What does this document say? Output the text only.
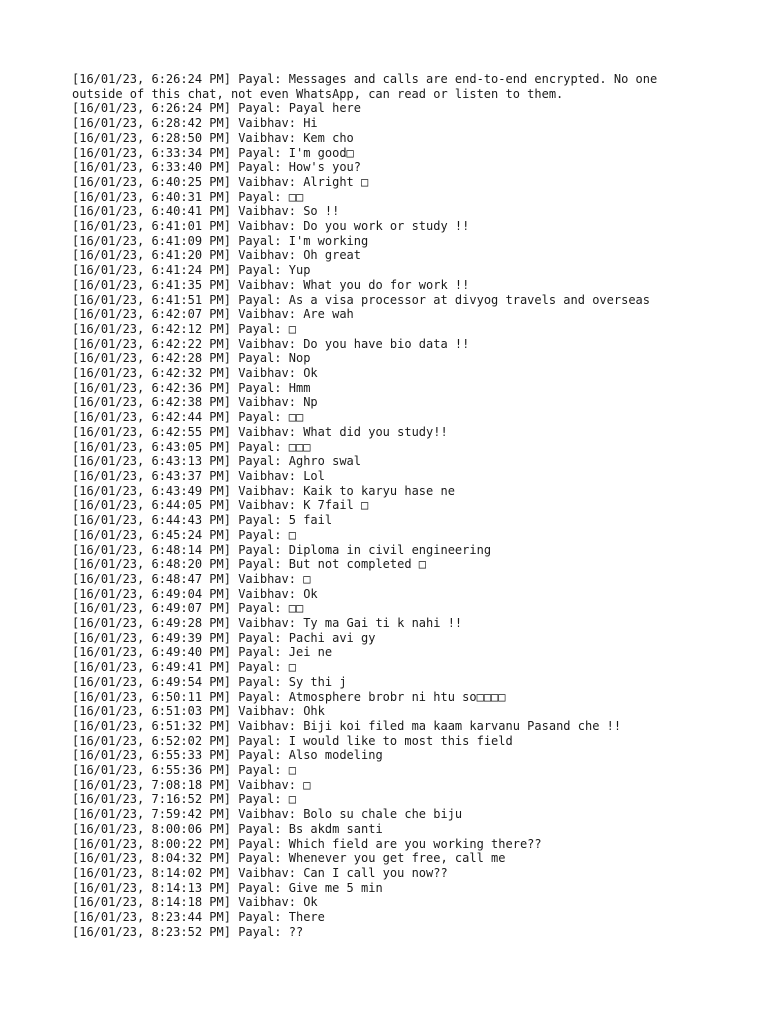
[16/01/23, 6:26:24 PM] Payal: Messages and calls are end-to-end encrypted. No one
outside of this chat, not even WhatsApp, can read or listen to them.
[16/01/23, 6:26:24 PM] Payal: Payal here
[16/01/23, 6:28:42 PM] Vaibhav: Hi
[16/01/23, 6:28:50 PM] Vaibhav: Kem cho
[16/01/23, 6:33:34 PM] Payal: I'm good□
[16/01/23, 6:33:40 PM] Payal: How's you?
[16/01/23, 6:40:25 PM] Vaibhav: Alright □
[16/01/23, 6:40:31 PM] Payal: □□
[16/01/23, 6:40:41 PM] Vaibhav: So !!
[16/01/23, 6:41:01 PM] Vaibhav: Do you work or study !!
[16/01/23, 6:41:09 PM] Payal: I'm working
[16/01/23, 6:41:20 PM] Vaibhav: Oh great
[16/01/23, 6:41:24 PM] Payal: Yup
[16/01/23, 6:41:35 PM] Vaibhav: What you do for work !!
[16/01/23, 6:41:51 PM] Payal: As a visa processor at divyog travels and overseas
[16/01/23, 6:42:07 PM] Vaibhav: Are wah
[16/01/23, 6:42:12 PM] Payal: □
[16/01/23, 6:42:22 PM] Vaibhav: Do you have bio data !!
[16/01/23, 6:42:28 PM] Payal: Nop
[16/01/23, 6:42:32 PM] Vaibhav: Ok
[16/01/23, 6:42:36 PM] Payal: Hmm
[16/01/23, 6:42:38 PM] Vaibhav: Np
[16/01/23, 6:42:44 PM] Payal: □□
[16/01/23, 6:42:55 PM] Vaibhav: What did you study!!
[16/01/23, 6:43:05 PM] Payal: □□□
[16/01/23, 6:43:13 PM] Payal: Aghro swal
[16/01/23, 6:43:37 PM] Vaibhav: Lol
[16/01/23, 6:43:49 PM] Vaibhav: Kaik to karyu hase ne
[16/01/23, 6:44:05 PM] Vaibhav: K 7fail □
[16/01/23, 6:44:43 PM] Payal: 5 fail
[16/01/23, 6:45:24 PM] Payal: □
[16/01/23, 6:48:14 PM] Payal: Diploma in civil engineering
[16/01/23, 6:48:20 PM] Payal: But not completed □
[16/01/23, 6:48:47 PM] Vaibhav: □
[16/01/23, 6:49:04 PM] Vaibhav: Ok
[16/01/23, 6:49:07 PM] Payal: □□
[16/01/23, 6:49:28 PM] Vaibhav: Ty ma Gai ti k nahi !!
[16/01/23, 6:49:39 PM] Payal: Pachi avi gy
[16/01/23, 6:49:40 PM] Payal: Jei ne
[16/01/23, 6:49:41 PM] Payal: □
[16/01/23, 6:49:54 PM] Payal: Sy thi j
[16/01/23, 6:50:11 PM] Payal: Atmosphere brobr ni htu so□□□□
[16/01/23, 6:51:03 PM] Vaibhav: Ohk
[16/01/23, 6:51:32 PM] Vaibhav: Biji koi filed ma kaam karvanu Pasand che !!
[16/01/23, 6:52:02 PM] Payal: I would like to most this field
[16/01/23, 6:55:33 PM] Payal: Also modeling
[16/01/23, 6:55:36 PM] Payal: □
[16/01/23, 7:08:18 PM] Vaibhav: □
[16/01/23, 7:16:52 PM] Payal: □
[16/01/23, 7:59:42 PM] Vaibhav: Bolo su chale che biju
[16/01/23, 8:00:06 PM] Payal: Bs akdm santi
[16/01/23, 8:00:22 PM] Payal: Which field are you working there??
[16/01/23, 8:04:32 PM] Payal: Whenever you get free, call me
[16/01/23, 8:14:02 PM] Vaibhav: Can I call you now??
[16/01/23, 8:14:13 PM] Payal: Give me 5 min
[16/01/23, 8:14:18 PM] Vaibhav: Ok
[16/01/23, 8:23:44 PM] Payal: There
[16/01/23, 8:23:52 PM] Payal: ??
